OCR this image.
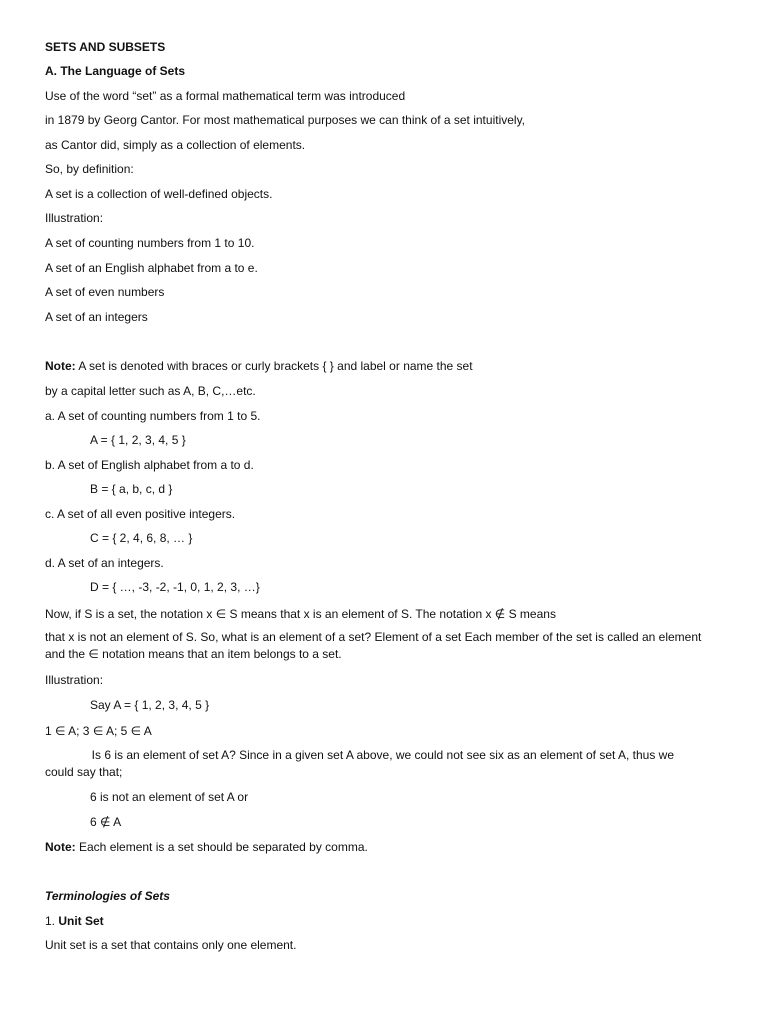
SETS AND SUBSETS
A. The Language of Sets
Use of the word “set” as a formal mathematical term was introduced
in 1879 by Georg Cantor. For most mathematical purposes we can think of a set intuitively,
as Cantor did, simply as a collection of elements.
So, by definition:
A set is a collection of well-defined objects.
Illustration:
A set of counting numbers from 1 to 10.
A set of an English alphabet from a to e.
A set of even numbers
A set of an integers
Note: A set is denoted with braces or curly brackets { } and label or name the set
by a capital letter such as A, B, C,…etc.
a. A set of counting numbers from 1 to 5.
A = { 1, 2, 3, 4, 5 }
b. A set of English alphabet from a to d.
B = { a, b, c, d }
c. A set of all even positive integers.
C = { 2, 4, 6, 8, … }
d. A set of an integers.
D = { …, -3, -2, -1, 0, 1, 2, 3, …}
Now, if S is a set, the notation x ∈ S means that x is an element of S. The notation x ∉ S means
that x is not an element of S. So, what is an element of a set? Element of a set Each member of the set is called an element and the ∈ notation means that an item belongs to a set.
Illustration:
Say A = { 1, 2, 3, 4, 5 }
1 ∈ A; 3 ∈ A; 5 ∈ A
Is 6 is an element of set A? Since in a given set A above, we could not see six as an element of set A, thus we could say that;
6 is not an element of set A or
6 ∉ A
Note: Each element is a set should be separated by comma.
Terminologies of Sets
1. Unit Set
Unit set is a set that contains only one element.
